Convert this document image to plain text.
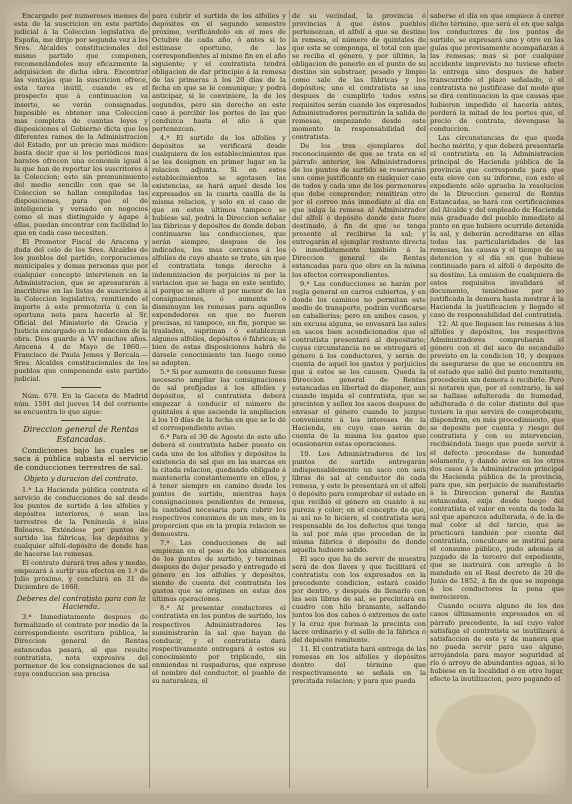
Encargado por numerosos memes de esta de la suscricion en este partido judicial á la Coleccion legislativa de España, me dirijo por segunda vez á los Sres. Alcaldes constitucionales del mismo partido que componen, recomendándoles muy eficazmente la adquisicion de dicha obra. Encontrar las ventajas que la suscricion ofrece, esta tarea inútil, cuando es el prospecto que á continuacion va inserto, se verán consignadas. Imposible es obtener una Coleccion mas completa de cuantas leyes y disposiciones el Gobierno dicta que los diferentes ramos de la Administracion del Estado, por un precio mas módico: basta decir que si los periódicos mas baratos ofrecen una economía igual á la que han de reportar los suscritores á la Coleccion; esto sin premunimiento del medio sencillo con que se la Coleccion se hallan compiladas las disposiciones, para que el de inteligencia y versado en negocios como el mas distinguido y ágape á ellas, puedan encontrar con facilidad lo que en cada caso necesiten.

El Promotor Fiscal de Aracena y duda del celo de los Sres. Alcaldes de los pueblos del partido, corporaciones municipales y demas personas que por cualquier concepto intervienen en la Administracion, que se apresurarán á inscribirse en las listas de suscricion á la Coleccion legislativa, remitiendo el importe á este promotoría ú con la oportuna nota para hacerlo al Sr. Oficial del Ministerio de Gracia y Justicia encargado en la redaccion de la obra. Dios guarde á VV muchos años. Aracena 4 de Mayo de 1860.—Francisco de Paula Jemes y Bercala.—Sres. Alcaldes constitucionales de los pueblos que componende este partido judicial.

Núm. 679. En la Gaceta de Madrid núm. 1591 del jueves 14 del corriente se encuentra lo que sigue:

Direccion general de Rentas Estancadas.

Condiciones bajo las cuales se saca á pública subasta el servicio de conducciones terrestres de sal.

Objeto y duracion del contrato.

1.ª La Hacienda pública contrata el servicio de conducciones de sal desde los puntos de surtido á los alfolíes y depósitos interiores, ó sean las terrestres de la Península é islas Baleares. Exténdese por puntos de surtido las fábricas, los depósitos y cualquier alfolí-depósito de donde han de hacerse las remesas.

El contrato durará tres años y medio, empezará á surtir sus efectos en 1.º de Julio próximo, y concluirá en 31 de Diciembre de 1860.

Deberes del contratista para con la Hacienda.

3.ª Inmediatamente despues de formalizado el contrato por medio de la correspondiente escritura pública, la Direccion general de Rentas estancadas pasará, al que resulte contratista, nota expresiva del pormenor de los consignaciones de sal cuya conduccion sea precisa

para cubrir el surtido de los alfolíes y depósitos en el segundo semestre próximo, verificándolo en el mes de Octubre de cada año, ó antes si lo estimase oportuno, de las correspondientes al mismo fin en el año siguiente; y el contratista tendrá obligacion de dar principio á la remesa de las primeras á los 20 días de la fecha en que se le comunique; y podrá anticipar, si le conviniere, la de los segundos, pero sin derecho en este caso á percibir los portes de las que conduzca hasta el año á que pertenezcan.

4.ª El surtido de los alfolíes y depósitos se verificará desde cualquiera de los establecimientos que se les designen en primer lugar en la relacion adjunta. Si en estos establecimientos se agotasen las existencias, se hará aquel desde los expresados en la cuarta casilla de la misma relacion, y solo en el caso de que en estos últimos tampoco se hubiese sal, podrá la Direccion señalar las fábricas y depósitos de donde deban continuarse las conducciones, que serán siempre, despues de los indicados, los mas cercanos á los alfolíes de cuyo abasto se trate, sin que el contratista tenga derecho á indemnizacion de perjuicios ni por la variacion que se haga en este sentido, si porque se altere el por menor de las consignaciones, ó aumente ó disminuyan los remesas para aquellos expendedores en que no fueren precisas, ni tampoco, en fin, porque se trasladen, supriman ó establezcan algunos alfolíes, depósitos ó fábricas; si bien de estas disposiciones habrá de dársele conocimiento tan luego como se adopten.

5.ª Si por aumento de consumo fuese necesario ampliar las consignaciones de sal prefijadas á los alfolíes y depósitos, el contratista deberá empezar á conducir el número de quintales á que asciende la ampliacion á los 10 días de la fecha en que se le dé el correspondiente aviso.

6.ª Para el 30 de Agosto de este año deberá el contratista haber puesto en cada uno de los alfolíes y depósitos la existencia de sal que en las marcas en la citada relacion, quedando obligado á mantenerla constantemente en ellos, y á tener siempre en camino desde los puntos de surtido, mientras haya consignaciones pendientes de remesa, la cantidad necesaria para cubrir los respectivos consumos de un mes, en la proporcion que en la propia relacion se demuestra.

7.ª Las conducciones de sal empiezan en el peso de los almacenes de los puntos de surtido, y terminan despues de dejar pesado y entregado el género en los alfolíes y depósitos, siendo de cuenta del contratista los gastos que se originen en estas dos últimas operaciones.

8.ª Al presentar conductores el contratista en los puntos de surtido, los respectivos Administradores les suministrarán la sal que hayan de conducir, y el contratista dará respectivamente entregará á estos su conocimiento por triplicado, sin enmiendas ni raspaduras, que exprese el nombre del conductor, el pueblo de su naturaleza, el

de su vecindad, la provincia ó provincias á que éstos pueblos pertenezcan, el alfolí á que se destine la remesa, el número de quintales de que esta se componga, el total con que se reciba el género, y por último, la obligacion de ponerlo en el punto de su destino sin substraer, pesado y limpio como sale de las fábricas y los depósitos; uno el contratista se una despues de cumplirlo todos estos requisitos serán cuando los expresados Administradores permitirán la salida de remesas, empezando desde este momento la responsabilidad del contratista.

De los tres ejemplares del reconocimiento de que se trata en el párrafo anterior, los Administradores de los puntos de surtido se reservarán uno como justificante en cualquier caso de todos y cada uno de los pormenores que debe comprender; remitirán otro por el correo más inmediato al día en que salga la remesa al Administrador del alfolí ó depósito donde este fuere destinado, á fin de que se tenga presente al recibirse la sal; y entregarán el ejemplar restante directa ó inmediatamente también á la Direccion general de Rentas estancadas para que obre en la misma los efectos correspondientes.

9.ª Las conducciones se harán por regla general en carros cubiertos, y en donde los caminos no permitan este medio de transporte, podrán verificarse en caballerías; pero en ambos casos, y sin excusa alguna, se envasará las sales en sacos bien acondicionados que el contratista presentará al depositario; cuyas circunstancia no se entregará el género á los conductores, y serán de cuenta de aquel los gastos y perjuicios que á estos se les causen. Queda la Direccion general de Rentas estancadas en libertad de disponer, aun cuando impida el contratista, que se precinten y sellen los sacos despues de envasar el género cuando lo juzgue conveniente á los intereses de la Hacienda, en cuyo caso serán de cuenta de la misma los gastos que ocasionaren estas operaciones.

10. Los Administradores de los puntos de surtido entregarán indispensablemente un saco con seis libras de sal al conductor de cada remesa, y este lo presentará en el alfolí ó depósito para comprobar el estado en que recibió el género en cuanto á su pureza y color; en el concepto de que, si así no lo hiciere, el contratista será responsable de los defectos que tenga la sal por más que procedan de la misma fábrica ó depósito de donde aquella hubiere salido.

El saco que ha de servir de muestra será de dos llaves y que facilitará el contratista con los expresados en la precedente condicion, estará cosido por dentro, y después de llenarlo con las seis libras de sal, se precintará en cuadro con hilo bramante, sellando juntos los dos cabos ó extremos de este y la cruz que forman la precinta con lacre ordinario y el sello de la fábrica ó del depósito remitente.

11. El contratista hará entrega de las remesas en los alfolíes y depósitos dentro del término que respectivamente se señala en la precitada relacion; y para que pueda

saberse el día en que empiece á correr dicho término, que será el en que salga los conductores de los puntos de surtido, se expresará uno y otro en las guías que provisamente acompañarán á las remesas; mas si por cualquier accidente imprevisto no tuviese efecto la entrega sino despues de haber transcurrido el plazo señalado, ó el contratista no justificase del modo que se dirá continuacion la que causas que hubieren impedido el hacerla antes, perderá la mitad de los portes que, el precio de contrata, devengase la conduccion.

Las circunstancias de que queda hecho mérito, y que deberá presentarla el contratista en la Administracion principal de Hacienda pública de la provincia que corresponda para que esta eleve con su informe, con esto el expediente sólo aprueba la resolucion de la Direccion general de Rentas Estancadas, se hará con certificaciones del Alcalde y del empleado de Hacienda más graduado del pueblo inmediato al punto en que hubiere ocurrido detenida la sal, y deberán acreditarse en ellas todas las particularidades de las remesas, las causas y el tiempo de su detencion y el día en que hubiese continuado para el alfolí ó depósito de su destino. La omision de cualquiera de estos requisitos invalidará el documento, teniéndose por no justificada la demora hasta mostrar á la Hacienda la justificacion y llegado el caso de responsabilidad del contratista.

12. Al que llegasen las remesas á los alfolíes y depósitos, los respectivos Administradores comprobarán el género con el del saco de escandallo previsto en la condicion 10, y despues de asegurarse de que se encuentra en el estado que salió del punto remitente, procederán sin demora á recibirlo. Pero si notaren que, por el contrario, la sal se hallase adulterada de humedad, adulterada ó de color distinto del que tuviere la que servirá de comprobante, dispondrán, en más procedimiento, que se deposite por cuenta y riesgo del contratista y con su intervencion, recibiéndola luego que puede servir á el defecto procedase de humedad solamente, y dando aviso en los otros dos casos á la Administracion principal de Hacienda pública de la provincia, para que, sin perjuicio de manifestarlo á la Direccion general de Rentas estancadas, exija desde luego del contratista el valor en venta de toda la sal que aparezca adulterada, ó de la de mal color al del tercio, que se practicará también por cuenta del contratista, conculcare se instituí para el consumo público, pudo además el juzgado de la tercero del expediente, que se instruirá con arreglo á lo mandado en el Real decreto de 20 de Junio de 1852, á fin de que se imponga á los conductores la pena que merecieren.

Cuando ocurra alguno de los dos casos últimamente expresados en el párrafo precedente, la sal cuyo valor satisfaga el contratista se inutilizará á satisfaccion de este y de manera que no pueda servir para uso alguno, arrojándola para mayor seguridad al río ó arroyo de abundantes aguas, si lo hubiese en la localidad ó en otro lugar, efecto la inutilizacion, pero pagando el
